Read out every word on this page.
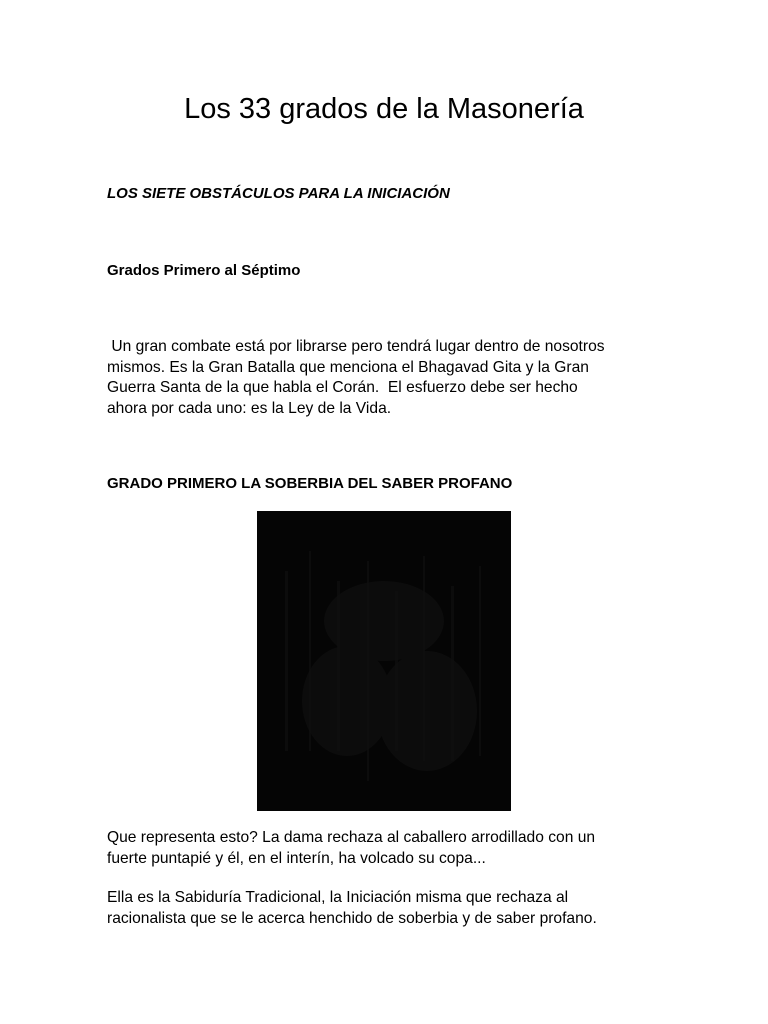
Los 33 grados de la Masonería

LOS SIETE OBSTÁCULOS PARA LA INICIACIÓN

Grados Primero al Séptimo

Un gran combate está por librarse pero tendrá lugar dentro de nosotros
mismos. Es la Gran Batalla que menciona el Bhagavad Gita y la Gran
Guerra Santa de la que habla el Corán.  El esfuerzo debe ser hecho
ahora por cada uno: es la Ley de la Vida.

GRADO PRIMERO LA SOBERBIA DEL SABER PROFANO

Que representa esto? La dama rechaza al caballero arrodillado con un
fuerte puntapié y él, en el interín, ha volcado su copa...
Ella es la Sabiduría Tradicional, la Iniciación misma que rechaza al
racionalista que se le acerca henchido de soberbia y de saber profano.
